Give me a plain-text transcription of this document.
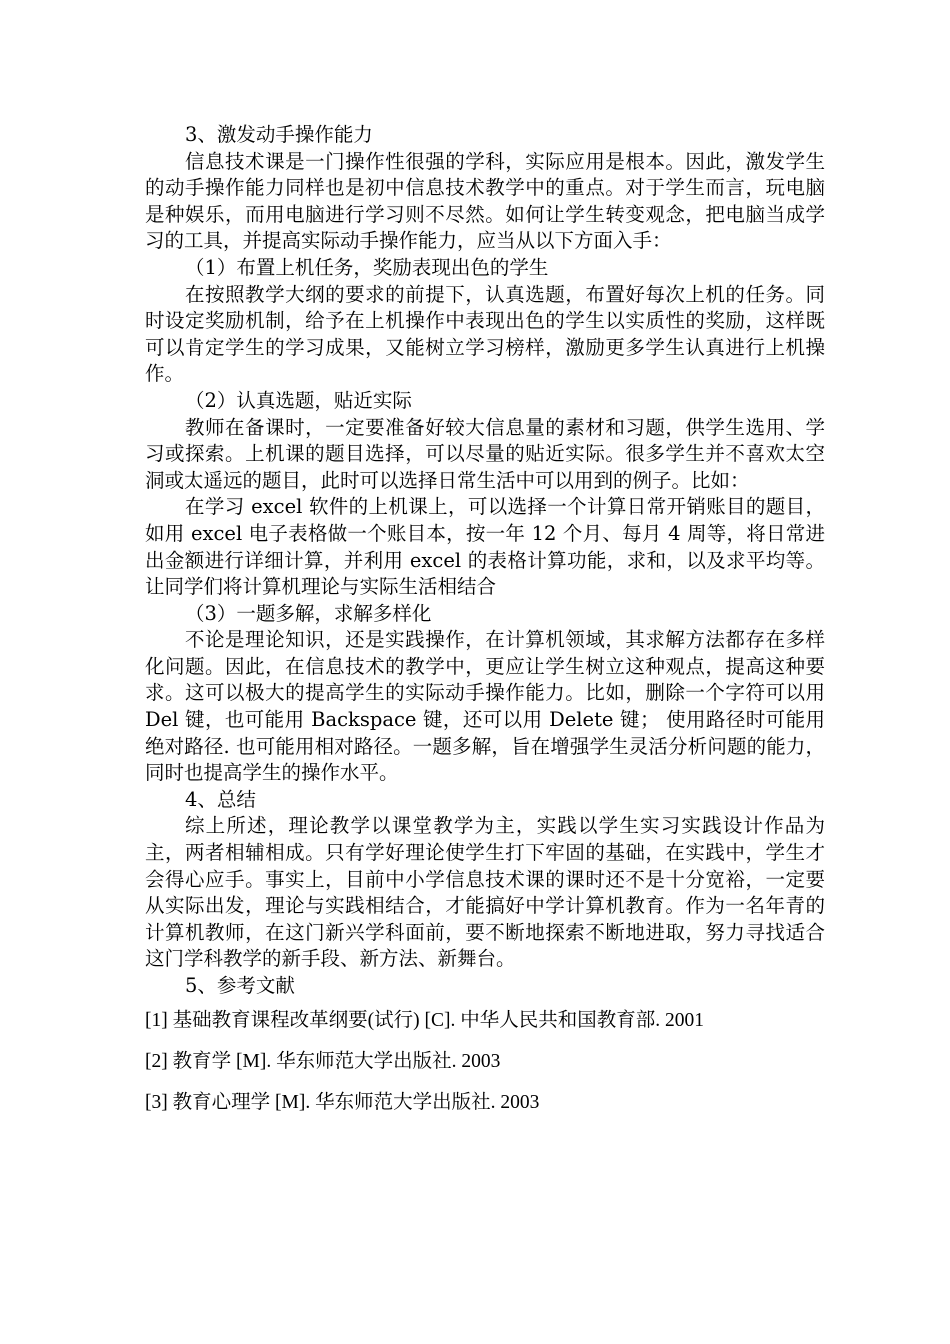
3、激发动手操作能力

信息技术课是一门操作性很强的学科，实际应用是根本。因此，激发学生的动手操作能力同样也是初中信息技术教学中的重点。对于学生而言，玩电脑是种娱乐，而用电脑进行学习则不尽然。如何让学生转变观念，把电脑当成学习的工具，并提高实际动手操作能力，应当从以下方面入手：

（1）布置上机任务，奖励表现出色的学生

在按照教学大纲的要求的前提下，认真选题，布置好每次上机的任务。同时设定奖励机制，给予在上机操作中表现出色的学生以实质性的奖励，这样既可以肯定学生的学习成果，又能树立学习榜样，激励更多学生认真进行上机操作。

（2）认真选题，贴近实际

教师在备课时，一定要准备好较大信息量的素材和习题，供学生选用、学习或探索。上机课的题目选择，可以尽量的贴近实际。很多学生并不喜欢太空洞或太遥远的题目，此时可以选择日常生活中可以用到的例子。比如：

在学习 excel 软件的上机课上，可以选择一个计算日常开销账目的题目，如用 excel 电子表格做一个账目本，按一年 12 个月、每月 4 周等，将日常进出金额进行详细计算，并利用 excel 的表格计算功能，求和，以及求平均等。让同学们将计算机理论与实际生活相结合

（3）一题多解，求解多样化

不论是理论知识，还是实践操作，在计算机领域，其求解方法都存在多样化问题。因此，在信息技术的教学中，更应让学生树立这种观点，提高这种要求。这可以极大的提高学生的实际动手操作能力。比如，删除一个字符可以用 Del 键，也可能用 Backspace 键，还可以用 Delete 键； 使用路径时可能用绝对路径. 也可能用相对路径。一题多解，旨在增强学生灵活分析问题的能力，同时也提高学生的操作水平。

4、总结

综上所述，理论教学以课堂教学为主，实践以学生实习实践设计作品为主，两者相辅相成。只有学好理论使学生打下牢固的基础，在实践中，学生才会得心应手。事实上，目前中小学信息技术课的课时还不是十分宽裕，一定要从实际出发，理论与实践相结合，才能搞好中学计算机教育。作为一名年青的计算机教师，在这门新兴学科面前，要不断地探索不断地进取，努力寻找适合这门学科教学的新手段、新方法、新舞台。

5、参考文献

[1] 基础教育课程改革纲要(试行) [C]. 中华人民共和国教育部. 2001

[2] 教育学 [M]. 华东师范大学出版社. 2003

[3] 教育心理学 [M]. 华东师范大学出版社. 2003
